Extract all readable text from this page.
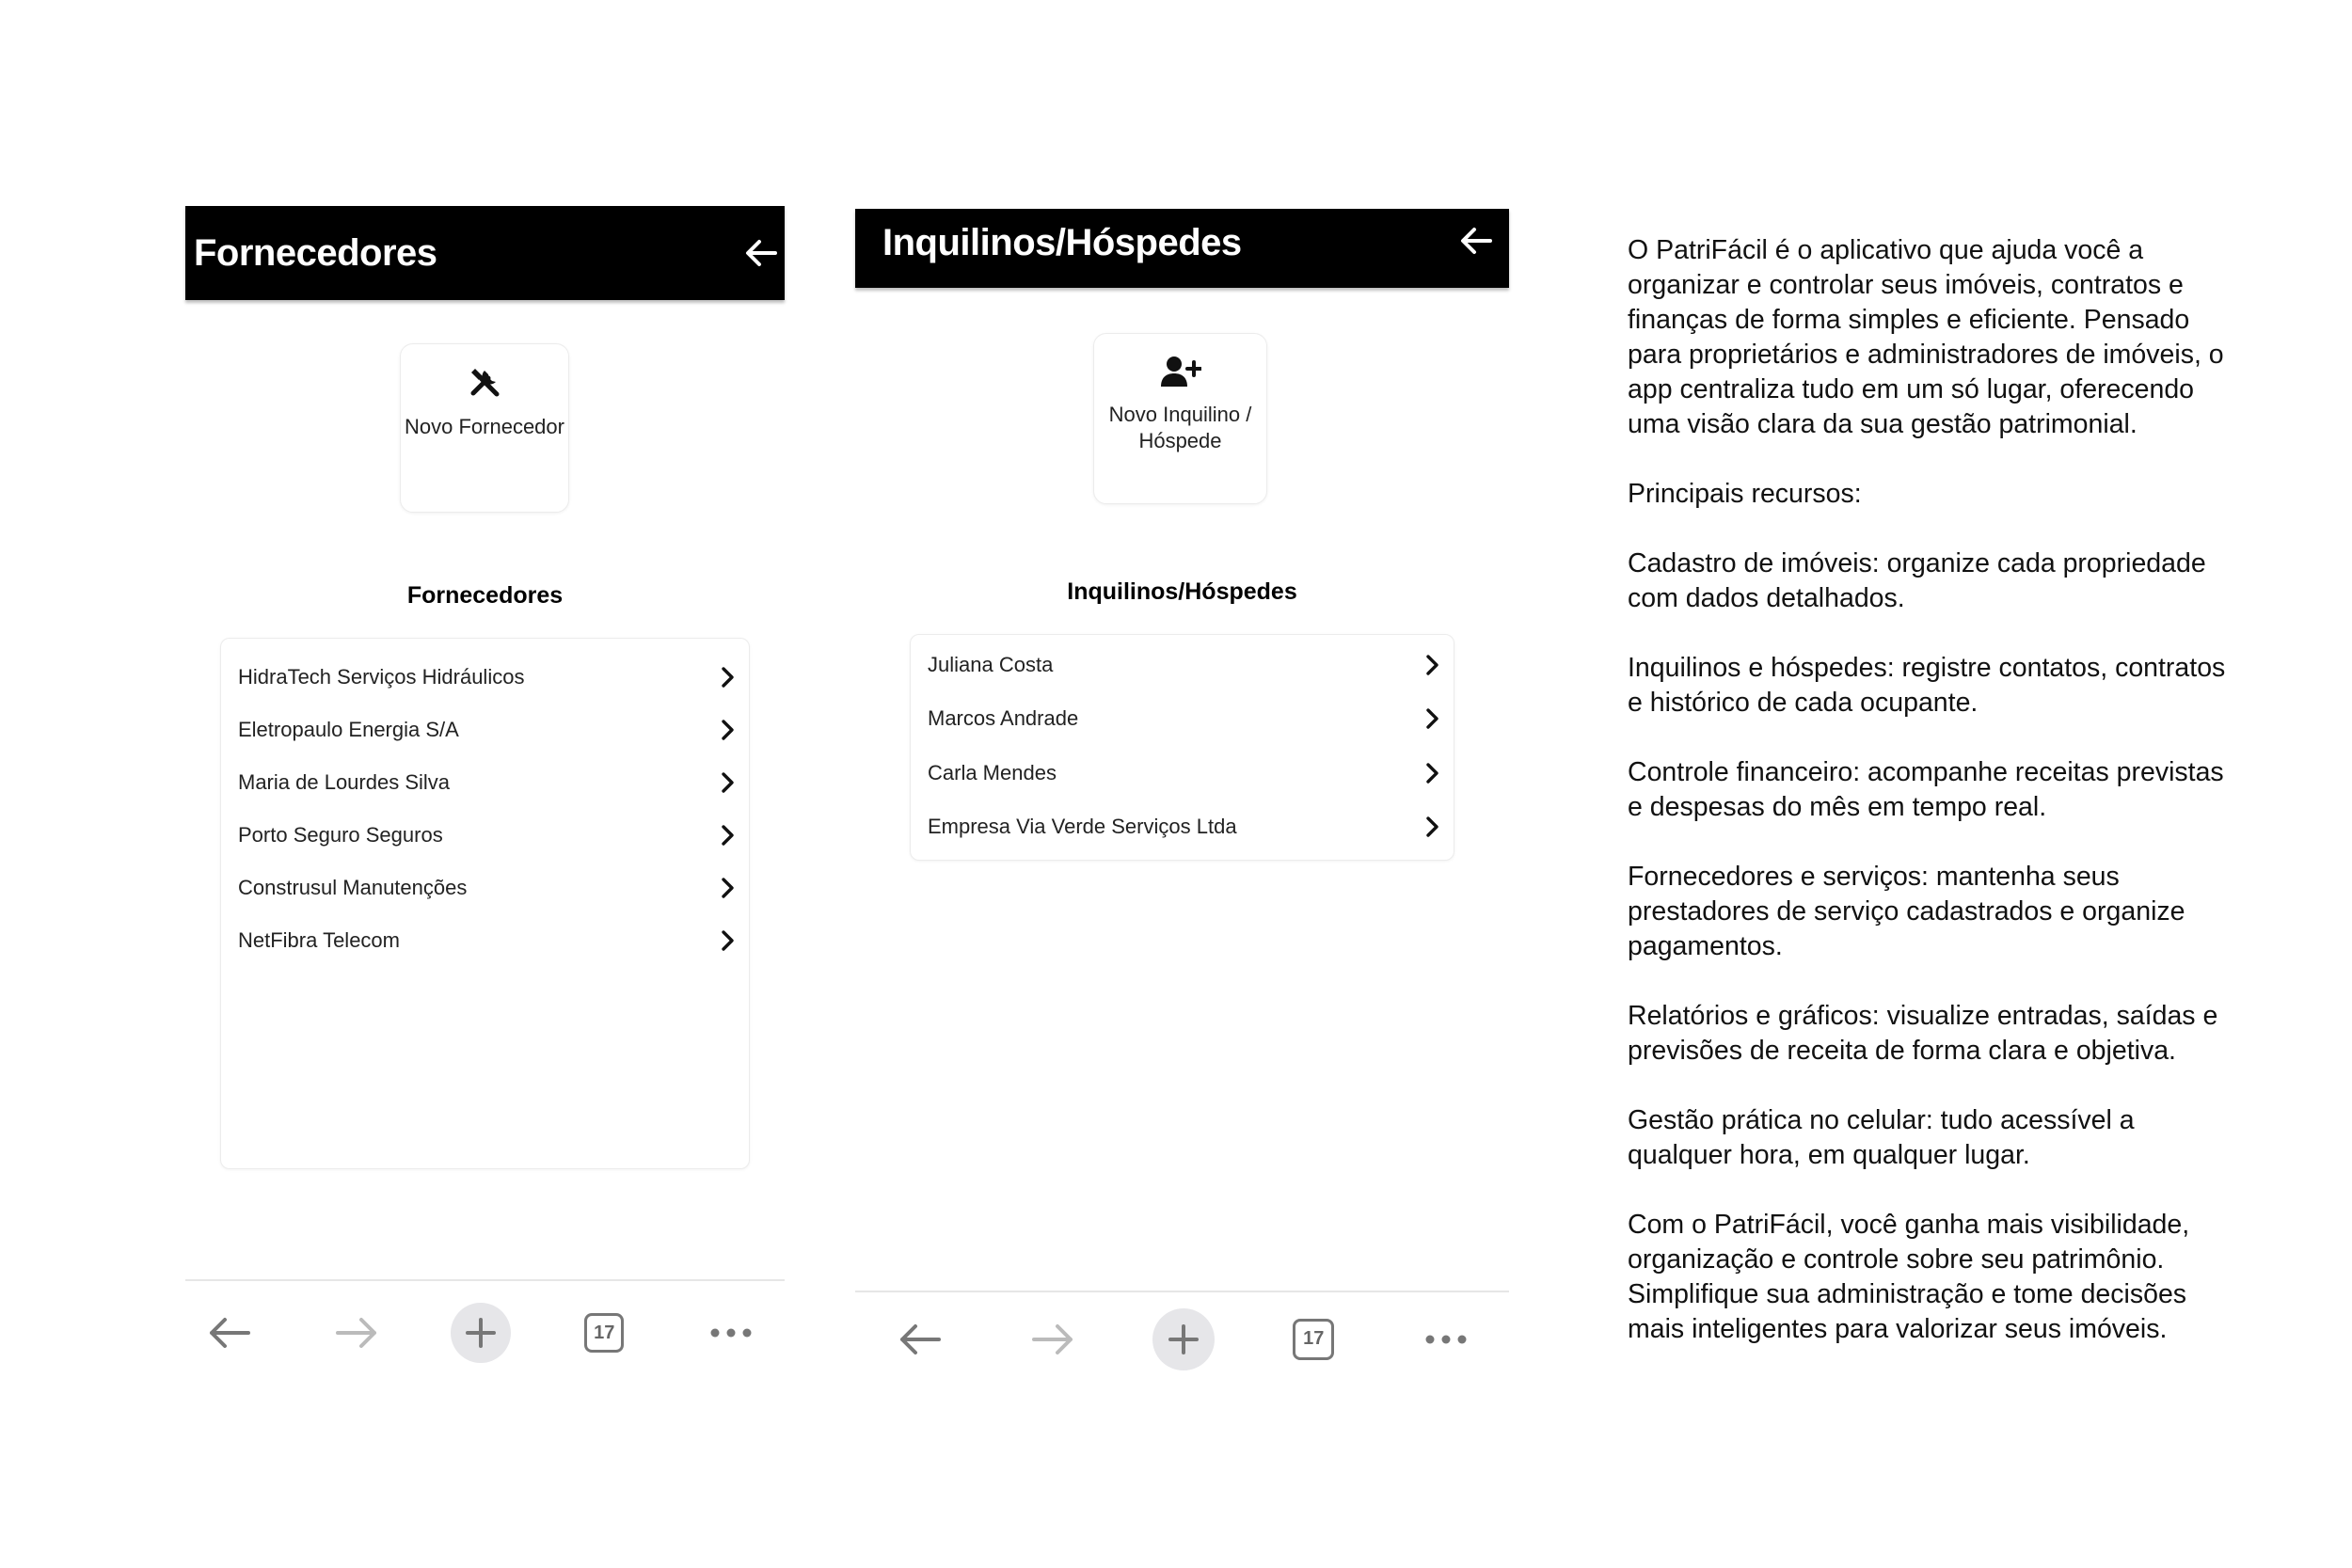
Fornecedores
Novo Fornecedor
Fornecedores
HidraTech Serviços Hidráulicos
Eletropaulo Energia S/A
Maria de Lourdes Silva
Porto Seguro Seguros
Construsul Manutenções
NetFibra Telecom
17
Inquilinos/Hóspedes
Novo Inquilino / Hóspede
Inquilinos/Hóspedes
Juliana Costa
Marcos Andrade
Carla Mendes
Empresa Via Verde Serviços Ltda
17

O PatriFácil é o aplicativo que ajuda você a organizar e controlar seus imóveis, contratos e finanças de forma simples e eficiente. Pensado para proprietários e administradores de imóveis, o app centraliza tudo em um só lugar, oferecendo uma visão clara da sua gestão patrimonial.

Principais recursos:

Cadastro de imóveis: organize cada propriedade com dados detalhados.

Inquilinos e hóspedes: registre contatos, contratos e histórico de cada ocupante.

Controle financeiro: acompanhe receitas previstas e despesas do mês em tempo real.

Fornecedores e serviços: mantenha seus prestadores de serviço cadastrados e organize pagamentos.

Relatórios e gráficos: visualize entradas, saídas e previsões de receita de forma clara e objetiva.

Gestão prática no celular: tudo acessível a qualquer hora, em qualquer lugar.

Com o PatriFácil, você ganha mais visibilidade, organização e controle sobre seu patrimônio. Simplifique sua administração e tome decisões mais inteligentes para valorizar seus imóveis.
